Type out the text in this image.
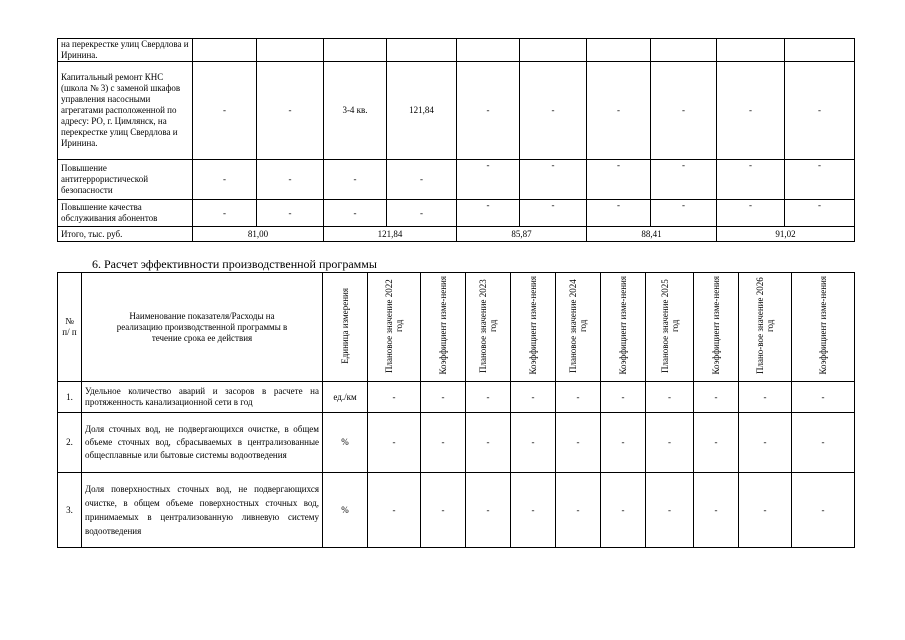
на перекрестке улиц Свердлова и Иринина.										
Капитальный ремонт КНС (школа № 3) с заменой шкафов управления насосными агрегатами расположенной по адресу: РО, г. Цимлянск, на перекрестке улиц Свердлова и Иринина.	-	-	3-4 кв.	121,84	-	-	-	-	-	-
Повышение антитеррористической безопасности	-	-	-	-	-	-	-	-	-	-
Повышение качества обслуживания абонентов	-	-	-	-	-	-	-	-	-	-
Итого, тыс. руб.	81,00		121,84		85,87		88,41		91,02	
6. Расчет эффективности производственной программы
№ п/ п	Наименование показателя/Расходы на реализацию производственной программы в течение срока ее действия	Единица измерения	Плановое значение 2022 год	Коэффициент изме-нения	Плановое значение 2023 год	Коэффициент изме-нения	Плановое значение 2024 год	Коэффициент изме-нения	Плановое значение 2025 год	Коэффициент изме-нения	Плано-вое значение 2026 год	Коэффициент изме-нения
1.	Удельное количество аварий и засоров в расчете на протяженность канализационной сети в год	ед./км	-	-	-	-	-	-	-	-	-	-
2.	Доля сточных вод, не подвергающихся очистке, в общем объеме сточных вод, сбрасываемых в централизованные общесплавные или бытовые системы водоотведения	%	-	-	-	-	-	-	-	-	-	-
3.	Доля поверхностных сточных вод, не подвергающихся очистке, в общем объеме поверхностных сточных вод, принимаемых в централизованную ливневую систему водоотведения	%	-	-	-	-	-	-	-	-	-	-
